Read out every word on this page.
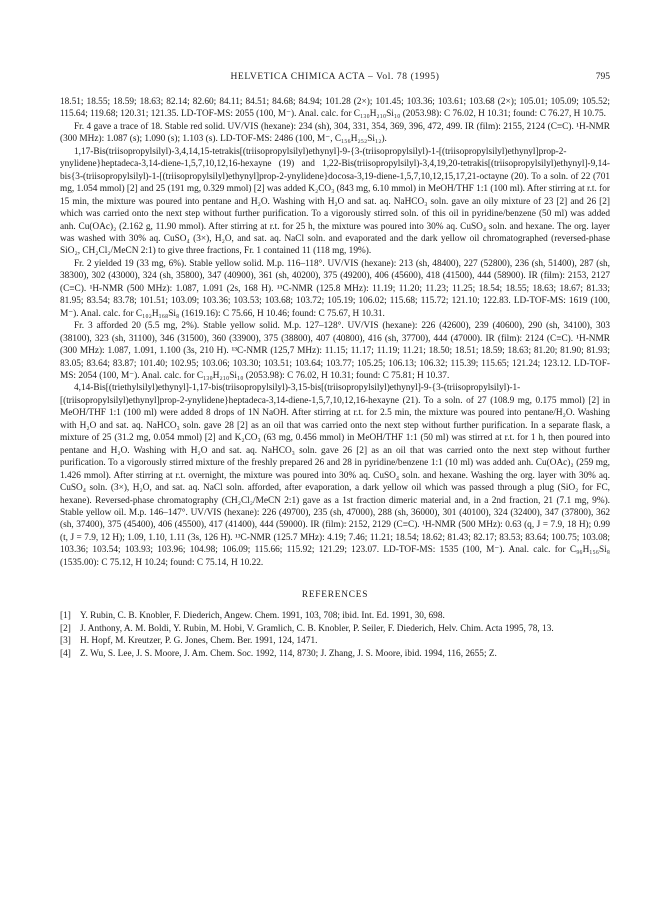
HELVETICA CHIMICA ACTA – Vol. 78 (1995)	795

18.51; 18.55; 18.59; 18.63; 82.14; 82.60; 84.11; 84.51; 84.68; 84.94; 101.28 (2×); 101.45; 103.36; 103.61; 103.68 (2×); 105.01; 105.09; 105.52; 115.64; 119.68; 120.31; 121.35. LD-TOF-MS: 2055 (100, M⁻). Anal. calc. for C₁₃₀H₂₁₀Si₁₀ (2053.98): C 76.02, H 10.31; found: C 76.27, H 10.75.

Fr. 4 gave a trace of 18. Stable red solid. UV/VIS (hexane): 234 (sh), 304, 331, 354, 369, 396, 472, 499. IR (film): 2155, 2124 (C≡C). ¹H-NMR (300 MHz): 1.087 (s); 1.090 (s); 1.103 (s). LD-TOF-MS: 2486 (100, M⁻, C₁₅₆H₂₅₂Si₁₂).

1,17-Bis(triisopropylsilyl)-3,4,14,15-tetrakis[(triisopropylsilyl)ethynyl]-9-{3-(triisopropylsilyl)-1-[(triisopropylsilyl)ethynyl]prop-2-ynylidene}heptadeca-3,14-diene-1,5,7,10,12,16-hexayne (19) and 1,22-Bis(triisopropylsilyl)-3,4,19,20-tetrakis[(triisopropylsilyl)ethynyl]-9,14-bis{3-(triisopropylsilyl)-1-[(triisopropylsilyl)ethynyl]prop-2-ynylidene}docosa-3,19-diene-1,5,7,10,12,15,17,21-octayne (20). To a soln. of 22 (701 mg, 1.054 mmol) [2] and 25 (191 mg, 0.329 mmol) [2] was added K₂CO₃ (843 mg, 6.10 mmol) in MeOH/THF 1:1 (100 ml). After stirring at r.t. for 15 min, the mixture was poured into pentane and H₂O. Washing with H₂O and sat. aq. NaHCO₃ soln. gave an oily mixture of 23 [2] and 26 [2] which was carried onto the next step without further purification. To a vigorously stirred soln. of this oil in pyridine/benzene (50 ml) was added anh. Cu(OAc)₂ (2.162 g, 11.90 mmol). After stirring at r.t. for 25 h, the mixture was poured into 30% aq. CuSO₄ soln. and hexane. The org. layer was washed with 30% aq. CuSO₄ (3×), H₂O, and sat. aq. NaCl soln. and evaporated and the dark yellow oil chromatographed (reversed-phase SiO₂, CH₂Cl₂/MeCN 2:1) to give three fractions, Fr. 1 contained 11 (118 mg, 19%).

Fr. 2 yielded 19 (33 mg, 6%). Stable yellow solid. M.p. 116–118°. UV/VIS (hexane): 213 (sh, 48400), 227 (52800), 236 (sh, 51400), 287 (sh, 38300), 302 (43000), 324 (sh, 35800), 347 (40900), 361 (sh, 40200), 375 (49200), 406 (45600), 418 (41500), 444 (58900). IR (film): 2153, 2127 (C≡C). ¹H-NMR (500 MHz): 1.087, 1.091 (2s, 168 H). ¹³C-NMR (125.8 MHz): 11.19; 11.20; 11.23; 11.25; 18.54; 18.55; 18.63; 18.67; 81.33; 81.95; 83.54; 83.78; 101.51; 103.09; 103.36; 103.53; 103.68; 103.72; 105.19; 106.02; 115.68; 115.72; 121.10; 122.83. LD-TOF-MS: 1619 (100, M⁻). Anal. calc. for C₁₀₂H₁₆₈Si₈ (1619.16): C 75.66, H 10.46; found: C 75.67, H 10.31.

Fr. 3 afforded 20 (5.5 mg, 2%). Stable yellow solid. M.p. 127–128°. UV/VIS (hexane): 226 (42600), 239 (40600), 290 (sh, 34100), 303 (38100), 323 (sh, 31100), 346 (31500), 360 (33900), 375 (38800), 407 (40800), 416 (sh, 37700), 444 (47000). IR (film): 2124 (C≡C). ¹H-NMR (300 MHz): 1.087, 1.091, 1.100 (3s, 210 H). ¹³C-NMR (125,7 MHz): 11.15; 11.17; 11.19; 11.21; 18.50; 18.51; 18.59; 18.63; 81.20; 81.90; 81.93; 83.05; 83.64; 83.87; 101.40; 102.95; 103.06; 103.30; 103.51; 103.64; 103.77; 105.25; 106.13; 106.32; 115.39; 115.65; 121.24; 123.12. LD-TOF-MS: 2054 (100, M⁻). Anal. calc. for C₁₃₀H₂₁₀Si₁₀ (2053.98): C 76.02, H 10.31; found: C 75.81; H 10.37.

4,14-Bis[(triethylsilyl)ethynyl]-1,17-bis(triisopropylsilyl)-3,15-bis[(triisopropylsilyl)ethynyl]-9-{3-(triisopropylsilyl)-1-[(triisopropylsilyl)ethynyl]prop-2-ynylidene}heptadeca-3,14-diene-1,5,7,10,12,16-hexayne (21). To a soln. of 27 (108.9 mg, 0.175 mmol) [2] in MeOH/THF 1:1 (100 ml) were added 8 drops of 1N NaOH. After stirring at r.t. for 2.5 min, the mixture was poured into pentane/H₂O. Washing with H₂O and sat. aq. NaHCO₃ soln. gave 28 [2] as an oil that was carried onto the next step without further purification. In a separate flask, a mixture of 25 (31.2 mg, 0.054 mmol) [2] and K₂CO₃ (63 mg, 0.456 mmol) in MeOH/THF 1:1 (50 ml) was stirred at r.t. for 1 h, then poured into pentane and H₂O. Washing with H₂O and sat. aq. NaHCO₃ soln. gave 26 [2] as an oil that was carried onto the next step without further purification. To a vigorously stirred mixture of the freshly prepared 26 and 28 in pyridine/benzene 1:1 (10 ml) was added anh. Cu(OAc)₂ (259 mg, 1.426 mmol). After stirring at r.t. overnight, the mixture was poured into 30% aq. CuSO₄ soln. and hexane. Washing the org. layer with 30% aq. CuSO₄ soln. (3×), H₂O, and sat. aq. NaCl soln. afforded, after evaporation, a dark yellow oil which was passed through a plug (SiO₂ for FC, hexane). Reversed-phase chromatography (CH₂Cl₂/MeCN 2:1) gave as a 1st fraction dimeric material and, in a 2nd fraction, 21 (7.1 mg, 9%). Stable yellow oil. M.p. 146–147°. UV/VIS (hexane): 226 (49700), 235 (sh, 47000), 288 (sh, 36000), 301 (40100), 324 (32400), 347 (37800), 362 (sh, 37400), 375 (45400), 406 (45500), 417 (41400), 444 (59000). IR (film): 2152, 2129 (C≡C). ¹H-NMR (500 MHz): 0.63 (q, J = 7.9, 18 H); 0.99 (t, J = 7.9, 12 H); 1.09, 1.10, 1.11 (3s, 126 H). ¹³C-NMR (125.7 MHz): 4.19; 7.46; 11.21; 18.54; 18.62; 81.43; 82.17; 83.53; 83.64; 100.75; 103.08; 103.36; 103.54; 103.93; 103.96; 104.98; 106.09; 115.66; 115.92; 121.29; 123.07. LD-TOF-MS: 1535 (100, M⁻). Anal. calc. for C₉₆H₁₅₆Si₈ (1535.00): C 75.12, H 10.24; found: C 75.14, H 10.22.

REFERENCES
[1] Y. Rubin, C. B. Knobler, F. Diederich, Angew. Chem. 1991, 103, 708; ibid. Int. Ed. 1991, 30, 698.
[2] J. Anthony, A. M. Boldi, Y. Rubin, M. Hobi, V. Gramlich, C. B. Knobler, P. Seiler, F. Diederich, Helv. Chim. Acta 1995, 78, 13.
[3] H. Hopf, M. Kreutzer, P. G. Jones, Chem. Ber. 1991, 124, 1471.
[4] Z. Wu, S. Lee, J. S. Moore, J. Am. Chem. Soc. 1992, 114, 8730; J. Zhang, J. S. Moore, ibid. 1994, 116, 2655; Z.
